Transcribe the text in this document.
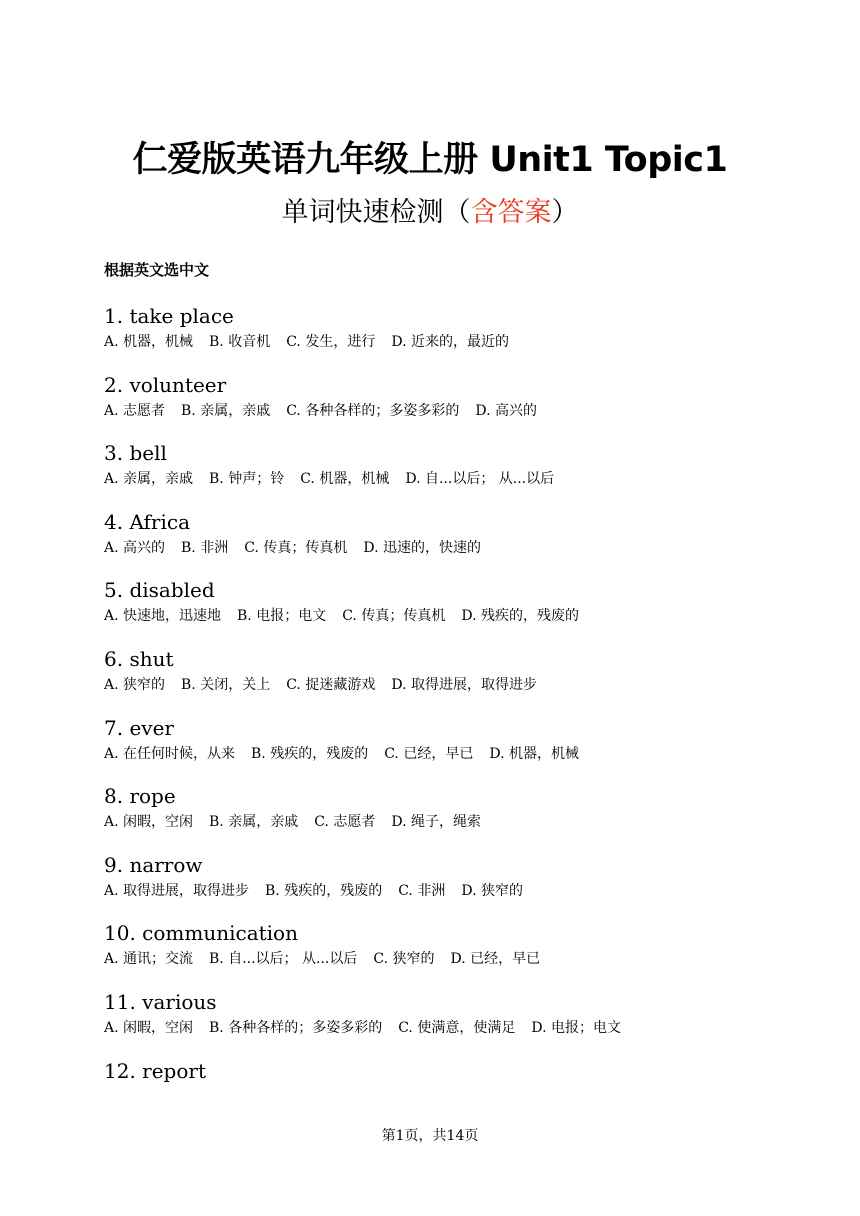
仁爱版英语九年级上册 Unit1 Topic1
单词快速检测（含答案）
根据英文选中文
1. take place
A. 机器，机械 B. 收音机 C. 发生，进行 D. 近来的，最近的
2. volunteer
A. 志愿者 B. 亲属，亲戚 C. 各种各样的；多姿多彩的 D. 高兴的
3. bell
A. 亲属，亲戚 B. 钟声；铃 C. 机器，机械 D. 自...以后； 从...以后
4. Africa
A. 高兴的 B. 非洲 C. 传真；传真机 D. 迅速的，快速的
5. disabled
A. 快速地，迅速地 B. 电报；电文 C. 传真；传真机 D. 残疾的，残废的
6. shut
A. 狭窄的 B. 关闭，关上 C. 捉迷藏游戏 D. 取得进展，取得进步
7. ever
A. 在任何时候，从来 B. 残疾的，残废的 C. 已经，早已 D. 机器，机械
8. rope
A. 闲暇，空闲 B. 亲属，亲戚 C. 志愿者 D. 绳子，绳索
9. narrow
A. 取得进展，取得进步 B. 残疾的，残废的 C. 非洲 D. 狭窄的
10. communication
A. 通讯；交流 B. 自...以后； 从...以后 C. 狭窄的 D. 已经，早已
11. various
A. 闲暇，空闲 B. 各种各样的；多姿多彩的 C. 使满意，使满足 D. 电报；电文
12. report
第1页，共14页
